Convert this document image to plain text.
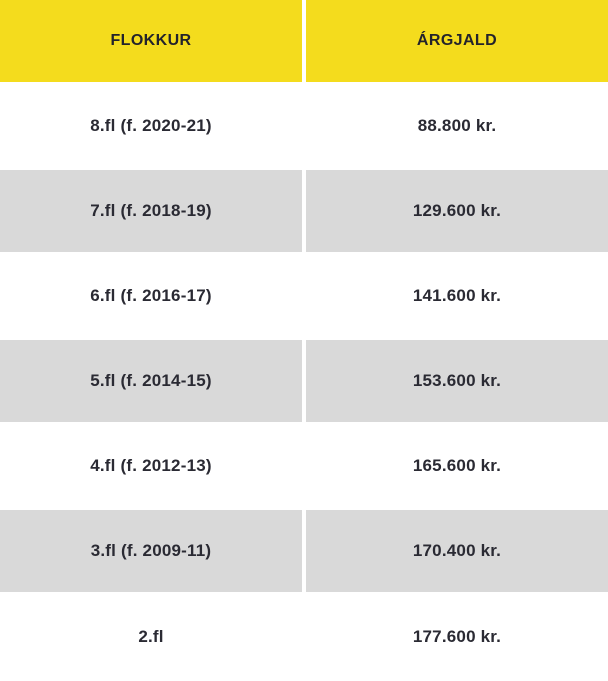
FLOKKUR	ÁRGJALD
8.fl (f. 2020-21)	88.800 kr.
7.fl (f. 2018-19)	129.600 kr.
6.fl (f. 2016-17)	141.600 kr.
5.fl (f. 2014-15)	153.600 kr.
4.fl (f. 2012-13)	165.600 kr.
3.fl (f. 2009-11)	170.400 kr.
2.fl	177.600 kr.
